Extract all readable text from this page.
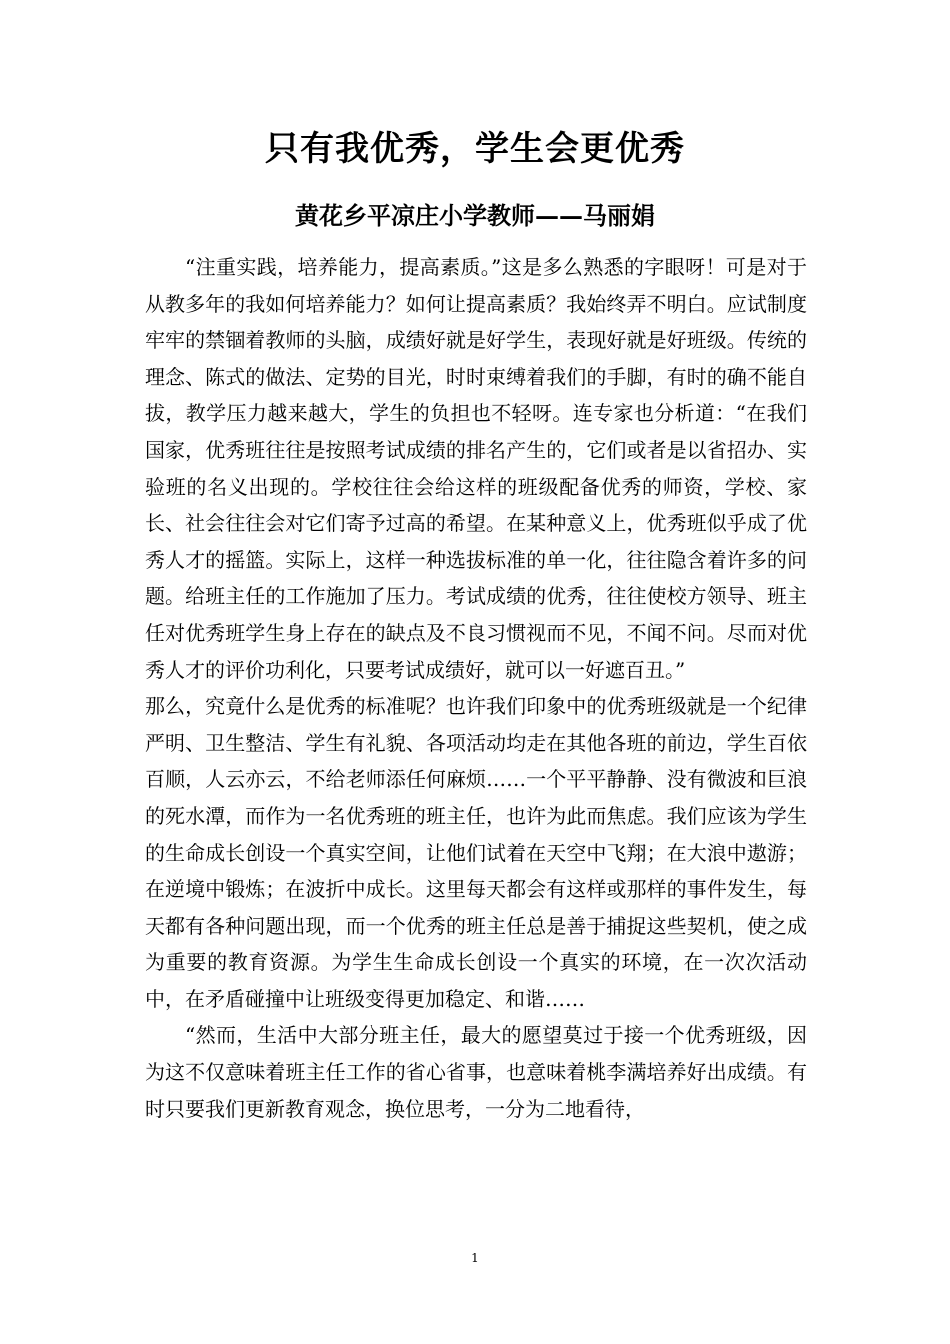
只有我优秀，学生会更优秀
黄花乡平凉庄小学教师——马丽娟

“注重实践，培养能力，提高素质。”这是多么熟悉的字眼呀！可是对于从教多年的我如何培养能力？如何让提高素质？我始终弄不明白。应试制度牢牢的禁锢着教师的头脑，成绩好就是好学生，表现好就是好班级。传统的理念、陈式的做法、定势的目光，时时束缚着我们的手脚，有时的确不能自拔，教学压力越来越大，学生的负担也不轻呀。连专家也分析道：“在我们国家，优秀班往往是按照考试成绩的排名产生的，它们或者是以省招办、实验班的名义出现的。学校往往会给这样的班级配备优秀的师资，学校、家长、社会往往会对它们寄予过高的希望。在某种意义上，优秀班似乎成了优秀人才的摇篮。实际上，这样一种选拔标准的单一化，往往隐含着许多的问题。给班主任的工作施加了压力。考试成绩的优秀，往往使校方领导、班主任对优秀班学生身上存在的缺点及不良习惯视而不见，不闻不问。尽而对优秀人才的评价功利化，只要考试成绩好，就可以一好遮百丑。”

那么，究竟什么是优秀的标准呢？也许我们印象中的优秀班级就是一个纪律严明、卫生整洁、学生有礼貌、各项活动均走在其他各班的前边，学生百依百顺，人云亦云，不给老师添任何麻烦……一个平平静静、没有微波和巨浪的死水潭，而作为一名优秀班的班主任，也许为此而焦虑。我们应该为学生的生命成长创设一个真实空间，让他们试着在天空中飞翔；在大浪中遨游；在逆境中锻炼；在波折中成长。这里每天都会有这样或那样的事件发生，每天都有各种问题出现，而一个优秀的班主任总是善于捕捉这些契机，使之成为重要的教育资源。为学生生命成长创设一个真实的环境，在一次次活动中，在矛盾碰撞中让班级变得更加稳定、和谐……

“然而，生活中大部分班主任，最大的愿望莫过于接一个优秀班级，因为这不仅意味着班主任工作的省心省事，也意味着桃李满培养好出成绩。有时只要我们更新教育观念，换位思考，一分为二地看待，

1
